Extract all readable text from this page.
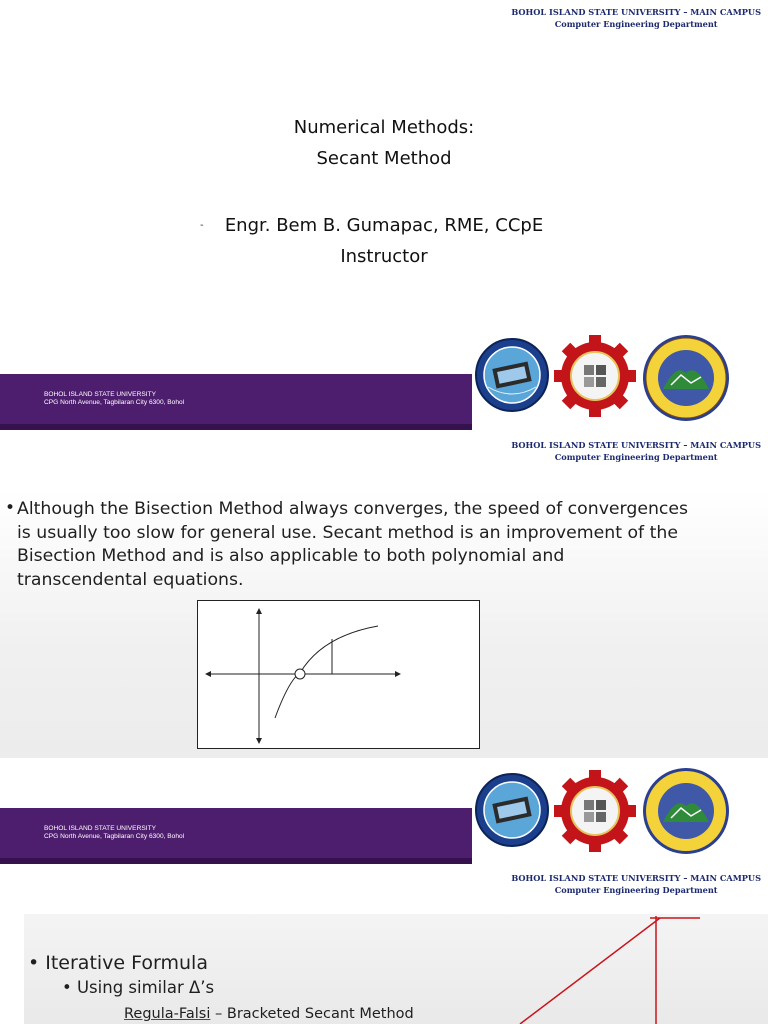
BOHOL ISLAND STATE UNIVERSITY – MAIN CAMPUS
Computer Engineering Department
Numerical Methods:
Secant Method
-	Engr. Bem B. Gumapac, RME, CCpE
Instructor
BOHOL ISLAND STATE UNIVERSITY
CPG North Avenue, Tagbilaran City 6300, Bohol
BOHOL ISLAND STATE UNIVERSITY – MAIN CAMPUS
Computer Engineering Department
• Although the Bisection Method always converges, the speed of convergences
is usually too slow for general use. Secant method is an improvement of the
Bisection Method and is also applicable to both polynomial and
transcendental equations.
BOHOL ISLAND STATE UNIVERSITY
CPG North Avenue, Tagbilaran City 6300, Bohol
BOHOL ISLAND STATE UNIVERSITY – MAIN CAMPUS
Computer Engineering Department
• Iterative Formula
• Using similar Δ’s
Regula-Falsi – Bracketed Secant Method
